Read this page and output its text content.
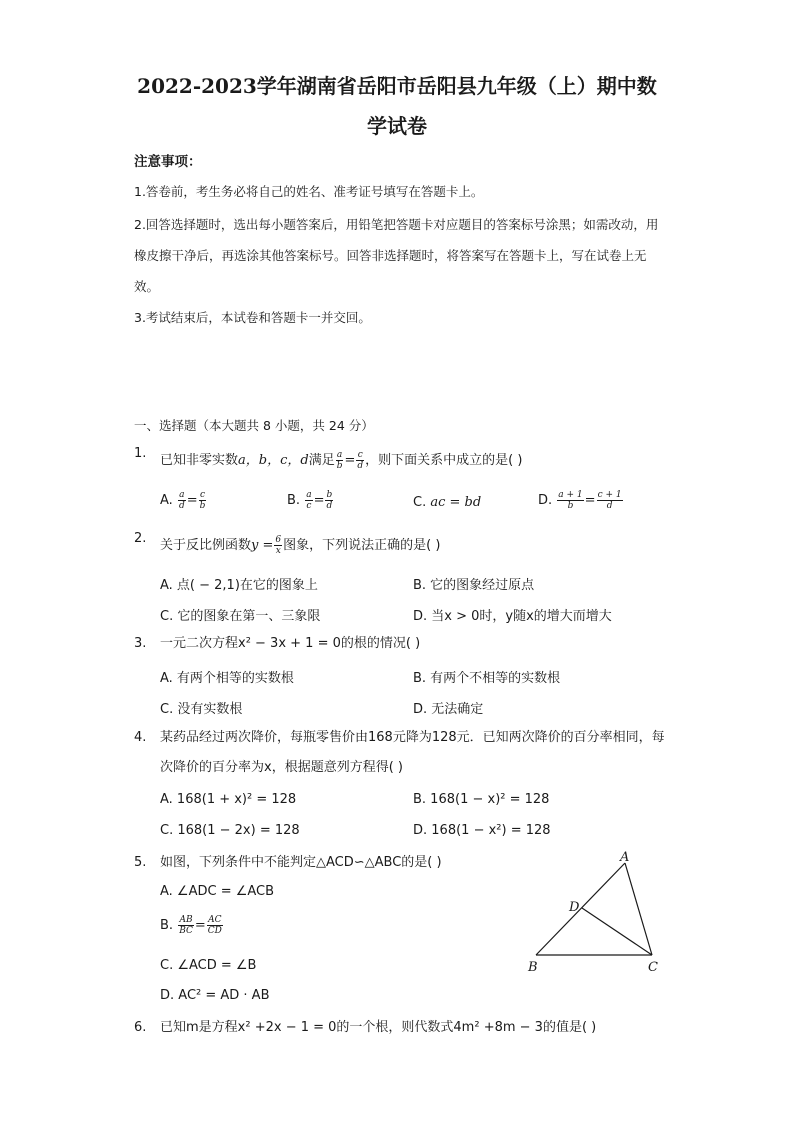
2022-2023学年湖南省岳阳市岳阳县九年级（上）期中数
学试卷
注意事项：
1.答卷前，考生务必将自己的姓名、准考证号填写在答题卡上。
2.回答选择题时，选出每小题答案后，用铅笔把答题卡对应题目的答案标号涂黑；如需改动，用橡皮擦干净后，再选涂其他答案标号。回答非选择题时，将答案写在答题卡上，写在试卷上无效。
3.考试结束后，本试卷和答题卡一并交回。
一、选择题（本大题共 8 小题，共 24 分）
1. 已知非零实数a，b，c，d满足 $\frac{a}{b} = \frac{c}{d}$ ，则下面关系中成立的是( )
A. $\frac{a}{d} = \frac{c}{b}$	B. $\frac{a}{c} = \frac{b}{d}$	C. ac = bd	D. $\frac{a + 1}{b} = \frac{c + 1}{d}$
2. 关于反比例函数$y = \frac{6}{x}$ 图象，下列说法正确的是( )
A. 点( − 2,1)在它的图象上	B. 它的图象经过原点
C. 它的图象在第一、三象限	D. 当x > 0时，y随x的增大而增大
3. 一元二次方程x² − 3x + 1 = 0的根的情况( )
A. 有两个相等的实数根	B. 有两个不相等的实数根
C. 没有实数根	D. 无法确定
4. 某药品经过两次降价，每瓶零售价由168元降为128元．已知两次降价的百分率相同，每次降价的百分率为x，根据题意列方程得( )
A. 168(1 + x)² = 128	B. 168(1 − x)² = 128
C. 168(1 − 2x) = 128	D. 168(1 − x²) = 128
5. 如图，下列条件中不能判定△ACD∽△ABC的是( )
A. ∠ADC = ∠ACB
B. $\frac{AB}{BC} = \frac{AC}{CD}$
C. ∠ACD = ∠B
D. AC² = AD · AB
A
B	C
D
6. 已知m是方程x² +2x − 1 = 0的一个根，则代数式4m² +8m − 3的值是( )
